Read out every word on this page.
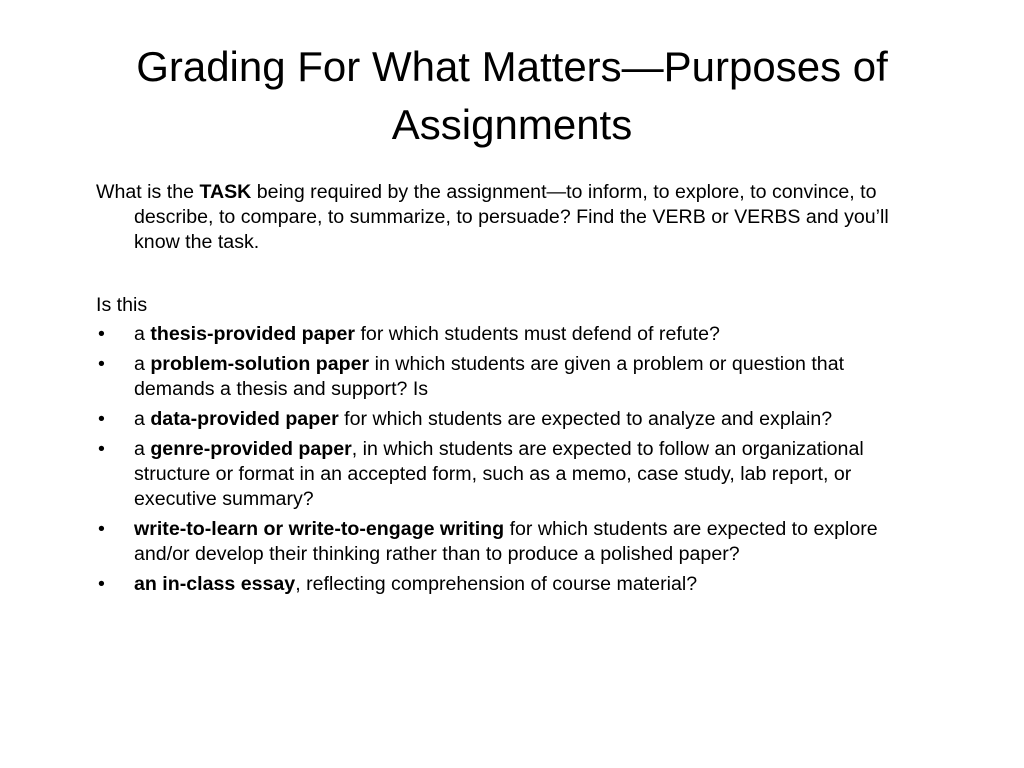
Grading For What Matters—Purposes of Assignments

What is the TASK being required by the assignment—to inform, to explore, to convince, to describe, to compare, to summarize, to persuade? Find the VERB or VERBS and you’ll know the task.

Is this

• a thesis-provided paper for which students must defend of refute?
• a problem-solution paper in which students are given a problem or question that demands a thesis and support? Is
• a data-provided paper for which students are expected to analyze and explain?
• a genre-provided paper, in which students are expected to follow an organizational structure or format in an accepted form, such as a memo, case study, lab report, or executive summary?
• write-to-learn or write-to-engage writing for which students are expected to explore and/or develop their thinking rather than to produce a polished paper?
• an in-class essay, reflecting comprehension of course material?
